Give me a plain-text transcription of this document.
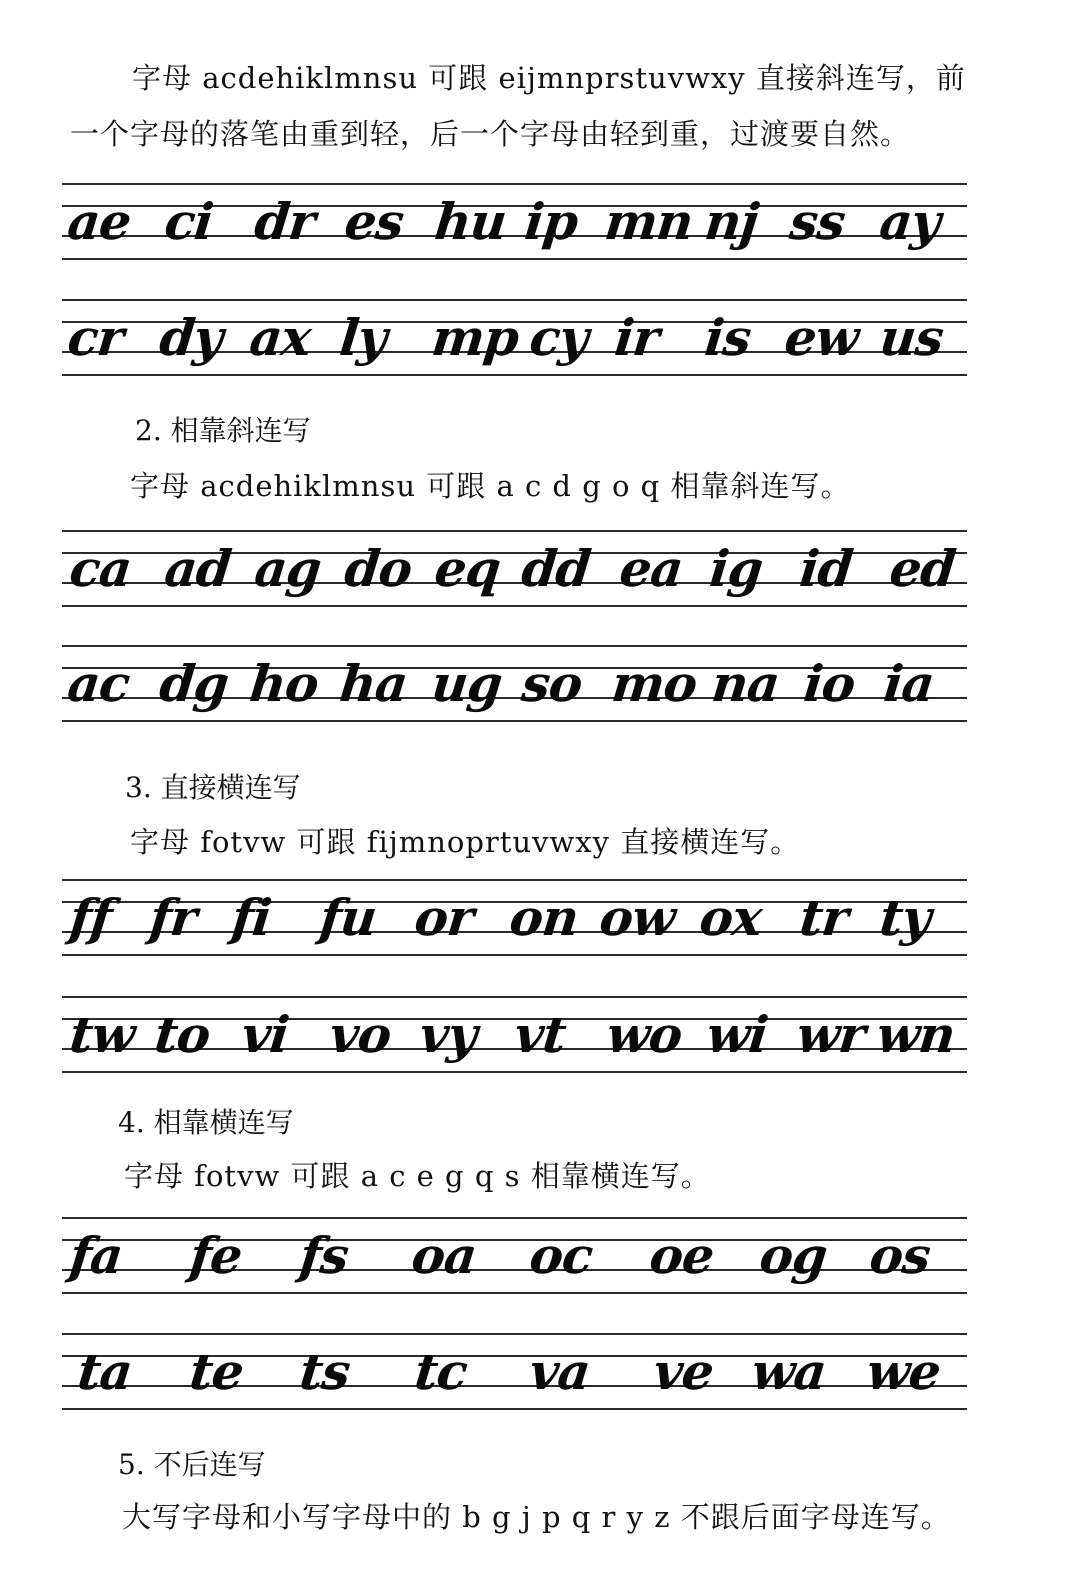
字母 acdehiklmnsu 可跟 eijmnprstuvwxy 直接斜连写，前
一个字母的落笔由重到轻，后一个字母由轻到重，过渡要自然。
ae ci dr es hu ip mn nj ss ay
cr dy ax ly mp cy ir is ew us
2. 相靠斜连写
字母 acdehiklmnsu 可跟 a c d g o q 相靠斜连写。
ca ad ag do eq dd ea ig id ed
ac dg ho ha ug so mo na io ia
3. 直接横连写
字母 fotvw 可跟 fijmnoprtuvwxy 直接横连写。
ff fr fi fu or on ow ox tr ty
tw to vi vo vy vt wo wi wr wn
4. 相靠横连写
字母 fotvw 可跟 a c e g q s 相靠横连写。
fa fe fs oa oc oe og os
ta te ts tc va ve wa we
5. 不后连写
大写字母和小写字母中的 b g j p q r y z 不跟后面字母连写。
